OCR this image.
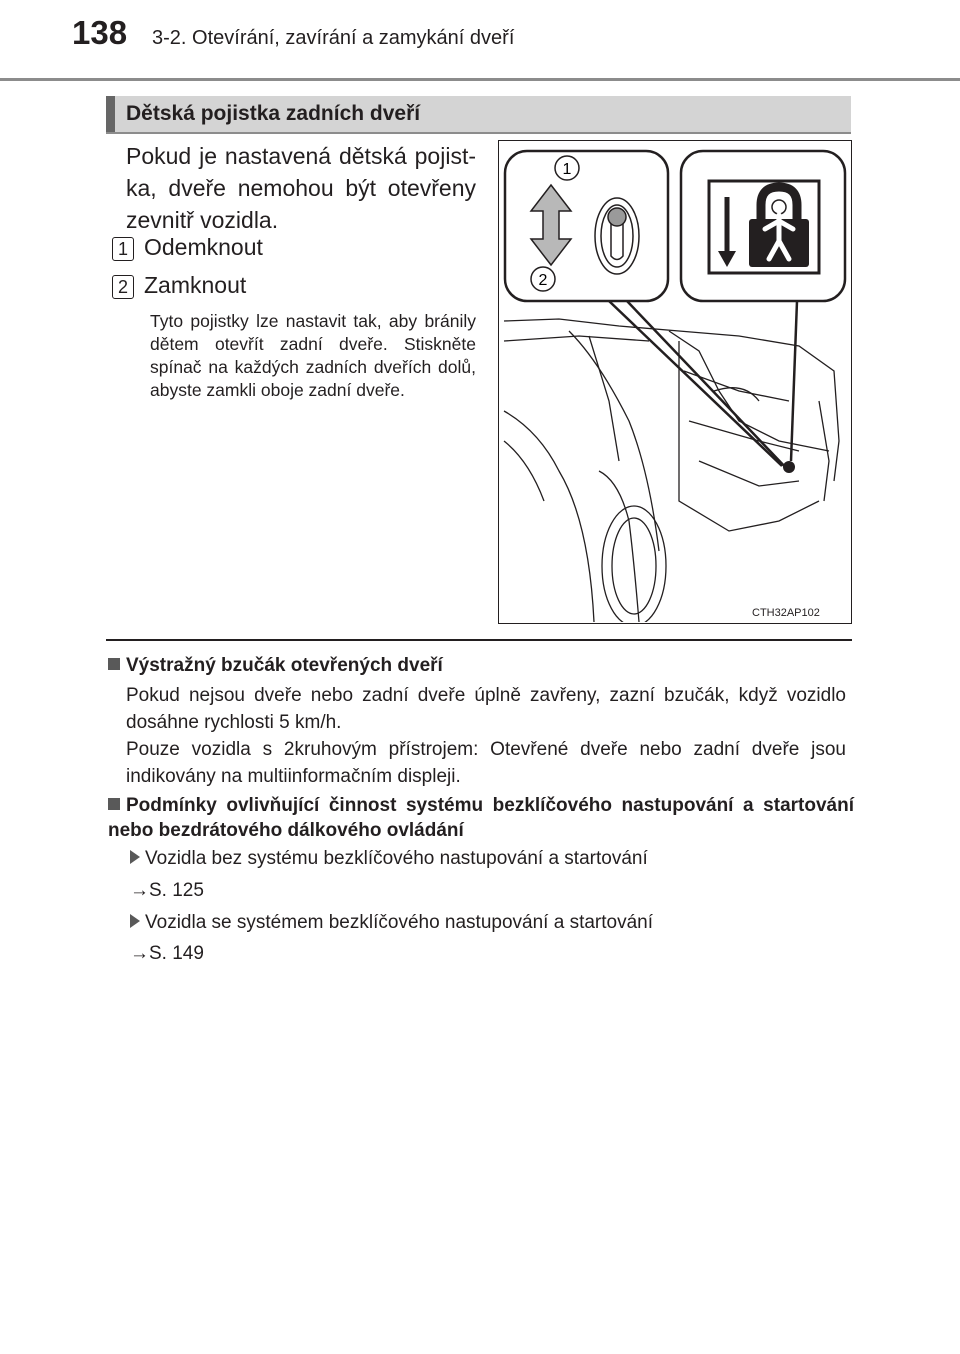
138 3-2. Otevírání, zavírání a zamykání dveří
Dětská pojistka zadních dveří
Pokud je nastavená dětská pojist-
ka, dveře nemohou být otevřeny
zevnitř vozidla.
1 Odemknout
2 Zamknout
Tyto pojistky lze nastavit tak, aby bránily dětem otevřít zadní dveře. Stiskněte spínač na každých zadních dveřích dolů, abyste zamkli oboje zadní dveře.
1
2
CTH32AP102
Výstražný bzučák otevřených dveří
Pokud nejsou dveře nebo zadní dveře úplně zavřeny, zazní bzučák, když vozidlo dosáhne rychlosti 5 km/h.
Pouze vozidla s 2kruhovým přístrojem: Otevřené dveře nebo zadní dveře jsou indikovány na multiinformačním displeji.
Podmínky ovlivňující činnost systému bezklíčového nastupování a startování nebo bezdrátového dálkového ovládání
Vozidla bez systému bezklíčového nastupování a startování
→S. 125
Vozidla se systémem bezklíčového nastupování a startování
→S. 149
